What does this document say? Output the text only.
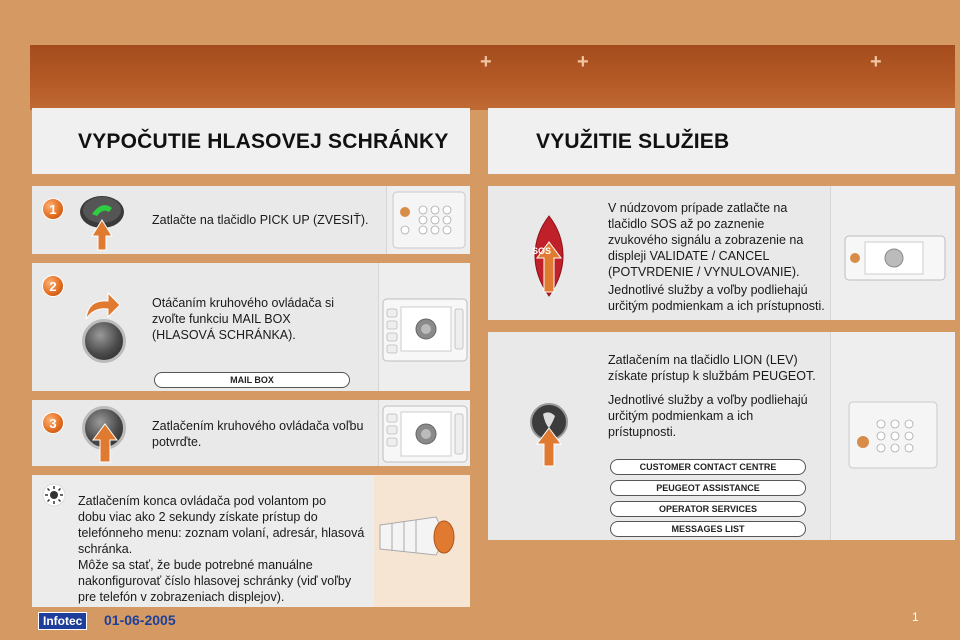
+	+	+
VYPOČUTIE HLASOVEJ SCHRÁNKY	VYUŽITIE SLUŽIEB
1
Zatlačte na tlačidlo PICK UP (ZVESIŤ).
2
Otáčaním kruhového ovládača si
zvoľte funkciu MAIL BOX
(HLASOVÁ SCHRÁNKA).
MAIL BOX
3	Zatlačením kruhového ovládača voľbu
potvrďte.
Zatlačením konca ovládača pod volantom po
dobu viac ako 2 sekundy získate prístup do
telefónneho menu: zoznam volaní, adresár, hlasová
schránka.
Môže sa stať, že bude potrebné manuálne
nakonfigurovať číslo hlasovej schránky (viď voľby
pre telefón v zobrazeniach displejov).
SOS
V núdzovom prípade zatlačte na
tlačidlo SOS až po zaznenie
zvukového signálu a zobrazenie na
displeji VALIDATE / CANCEL
(POTVRDENIE / VYNULOVANIE).
Jednotlivé služby a voľby podliehajú
určitým podmienkam a ich prístupnosti.
Zatlačením na tlačidlo LION (LEV)
získate prístup k službám PEUGEOT.
Jednotlivé služby a voľby podliehajú
určitým podmienkam a ich
prístupnosti.
CUSTOMER CONTACT CENTRE
PEUGEOT ASSISTANCE
OPERATOR SERVICES
MESSAGES LIST
Infotec	01-06-2005	1
